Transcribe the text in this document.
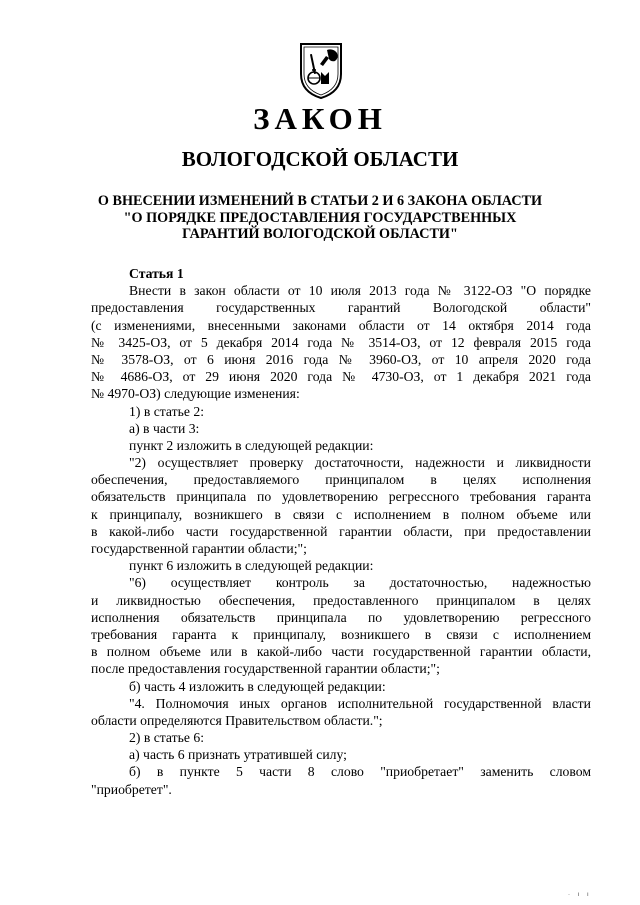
ЗАКОН
ВОЛОГОДСКОЙ ОБЛАСТИ
О ВНЕСЕНИИ ИЗМЕНЕНИЙ В СТАТЬИ 2 И 6 ЗАКОНА ОБЛАСТИ
"О ПОРЯДКЕ ПРЕДОСТАВЛЕНИЯ ГОСУДАРСТВЕННЫХ
ГАРАНТИЙ ВОЛОГОДСКОЙ ОБЛАСТИ"
Статья 1
Внести в закон области от 10 июля 2013 года № 3122-ОЗ "О порядке
предоставления государственных гарантий Вологодской области"
(с изменениями, внесенными законами области от 14 октября 2014 года
№ 3425-ОЗ, от 5 декабря 2014 года № 3514-ОЗ, от 12 февраля 2015 года
№ 3578-ОЗ, от 6 июня 2016 года № 3960-ОЗ, от 10 апреля 2020 года
№ 4686-ОЗ, от 29 июня 2020 года № 4730-ОЗ, от 1 декабря 2021 года
№ 4970-ОЗ) следующие изменения:
1) в статье 2:
а) в части 3:
пункт 2 изложить в следующей редакции:
"2) осуществляет проверку достаточности, надежности и ликвидности
обеспечения, предоставляемого принципалом в целях исполнения
обязательств принципала по удовлетворению регрессного требования гаранта
к принципалу, возникшего в связи с исполнением в полном объеме или
в какой-либо части государственной гарантии области, при предоставлении
государственной гарантии области;";
пункт 6 изложить в следующей редакции:
"6) осуществляет контроль за достаточностью, надежностью
и ликвидностью обеспечения, предоставленного принципалом в целях
исполнения обязательств принципала по удовлетворению регрессного
требования гаранта к принципалу, возникшего в связи с исполнением
в полном объеме или в какой-либо части государственной гарантии области,
после предоставления государственной гарантии области;";
б) часть 4 изложить в следующей редакции:
"4. Полномочия иных органов исполнительной государственной власти
области определяются Правительством области.";
2) в статье 6:
а) часть 6 признать утратившей силу;
б) в пункте 5 части 8 слово "приобретает" заменить словом
"приобретет".
· ı ı
